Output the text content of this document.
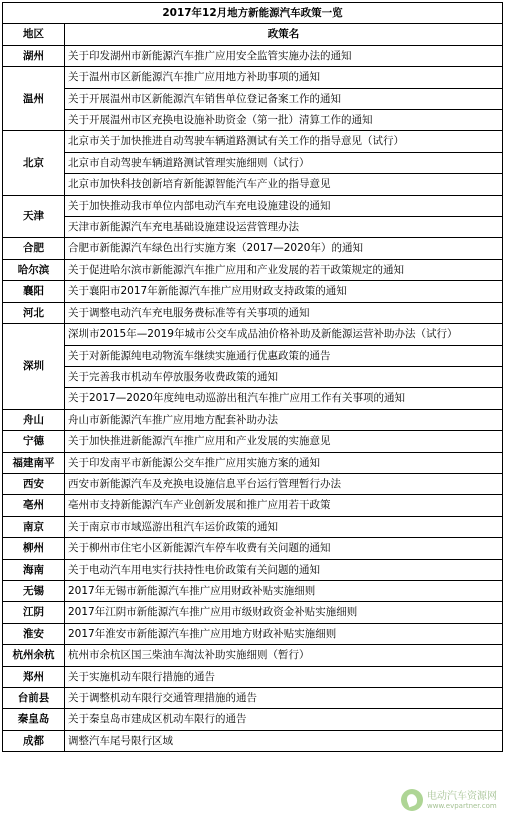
2017年12月地方新能源汽车政策一览	
地区	政策名
湖州	关于印发湖州市新能源汽车推广应用安全监管实施办法的通知
温州	关于温州市区新能源汽车推广应用地方补助事项的通知
	关于开展温州市区新能源汽车销售单位登记备案工作的通知
	关于开展温州市区充换电设施补助资金（第一批）清算工作的通知
北京	北京市关于加快推进自动驾驶车辆道路测试有关工作的指导意见（试行）
	北京市自动驾驶车辆道路测试管理实施细则（试行）
	北京市加快科技创新培育新能源智能汽车产业的指导意见
天津	关于加快推动我市单位内部电动汽车充电设施建设的通知
	天津市新能源汽车充电基础设施建设运营管理办法
合肥	合肥市新能源汽车绿色出行实施方案（2017—2020年）的通知
哈尔滨	关于促进哈尔滨市新能源汽车推广应用和产业发展的若干政策规定的通知
襄阳	关于襄阳市2017年新能源汽车推广应用财政支持政策的通知
河北	关于调整电动汽车充电服务费标准等有关事项的通知
深圳	深圳市2015年—2019年城市公交车成品油价格补助及新能源运营补助办法（试行）
	关于对新能源纯电动物流车继续实施通行优惠政策的通告
	关于完善我市机动车停放服务收费政策的通知
	关于2017—2020年度纯电动巡游出租汽车推广应用工作有关事项的通知
舟山	舟山市新能源汽车推广应用地方配套补助办法
宁德	关于加快推进新能源汽车推广应用和产业发展的实施意见
福建南平	关于印发南平市新能源公交车推广应用实施方案的通知
西安	西安市新能源汽车及充换电设施信息平台运行管理暂行办法
亳州	亳州市支持新能源汽车产业创新发展和推广应用若干政策
南京	关于南京市市域巡游出租汽车运价政策的通知
柳州	关于柳州市住宅小区新能源汽车停车收费有关问题的通知
海南	关于电动汽车用电实行扶持性电价政策有关问题的通知
无锡	2017年无锡市新能源汽车推广应用财政补贴实施细则
江阴	2017年江阴市新能源汽车推广应用市级财政资金补贴实施细则
淮安	2017年淮安市新能源汽车推广应用地方财政补贴实施细则
杭州余杭	杭州市余杭区国三柴油车淘汰补助实施细则（暂行）
郑州	关于实施机动车限行措施的通告
台前县	关于调整机动车限行交通管理措施的通告
秦皇岛	关于秦皇岛市建成区机动车限行的通告
成都	调整汽车尾号限行区域
电动汽车资源网
www.evpartner.com
